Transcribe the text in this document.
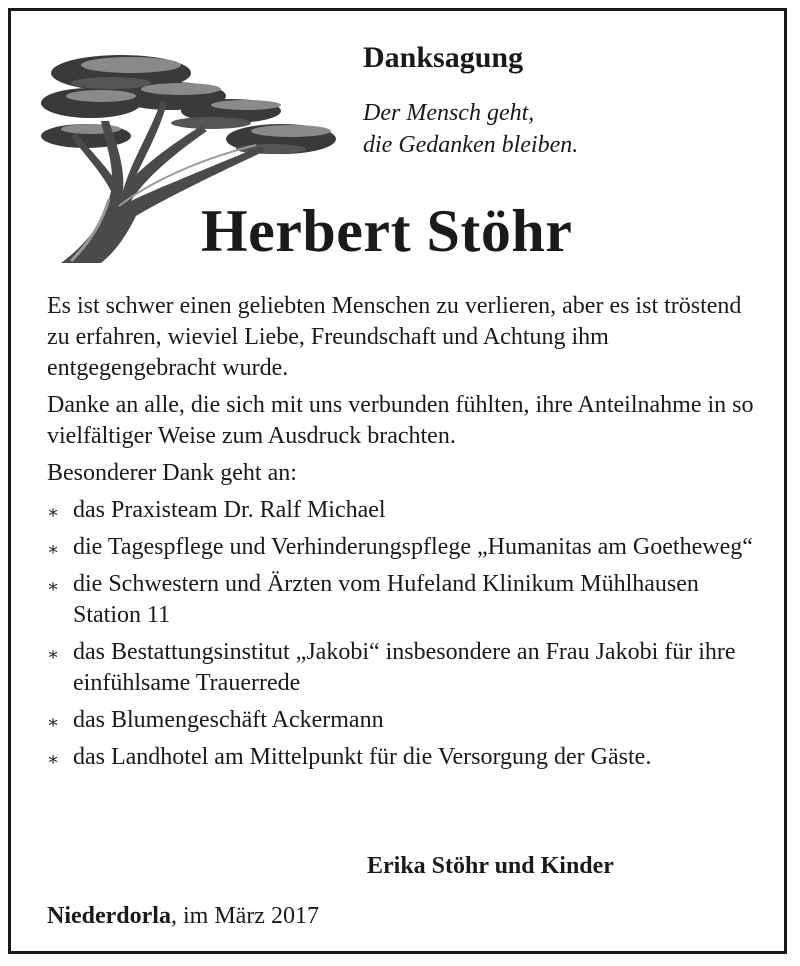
Danksagung
Der Mensch geht,
die Gedanken bleiben.
Herbert Stöhr

Es ist schwer einen geliebten Menschen zu verlieren, aber es ist tröstend zu erfahren, wieviel Liebe, Freundschaft und Achtung ihm entgegengebracht wurde.

Danke an alle, die sich mit uns verbunden fühlten, ihre Anteilnahme in so vielfältiger Weise zum Ausdruck brachten.

Besonderer Dank geht an:

∗ das Praxisteam Dr. Ralf Michael
∗ die Tagespflege und Verhinderungspflege „Humanitas am Goetheweg“
∗ die Schwestern und Ärzten vom Hufeland Klinikum Mühlhausen Station 11
∗ das Bestattungsinstitut „Jakobi“ insbesondere an Frau Jakobi für ihre einfühlsame Trauerrede
∗ das Blumengeschäft Ackermann
∗ das Landhotel am Mittelpunkt für die Versorgung der Gäste.
Erika Stöhr und Kinder
Niederdorla, im März 2017
